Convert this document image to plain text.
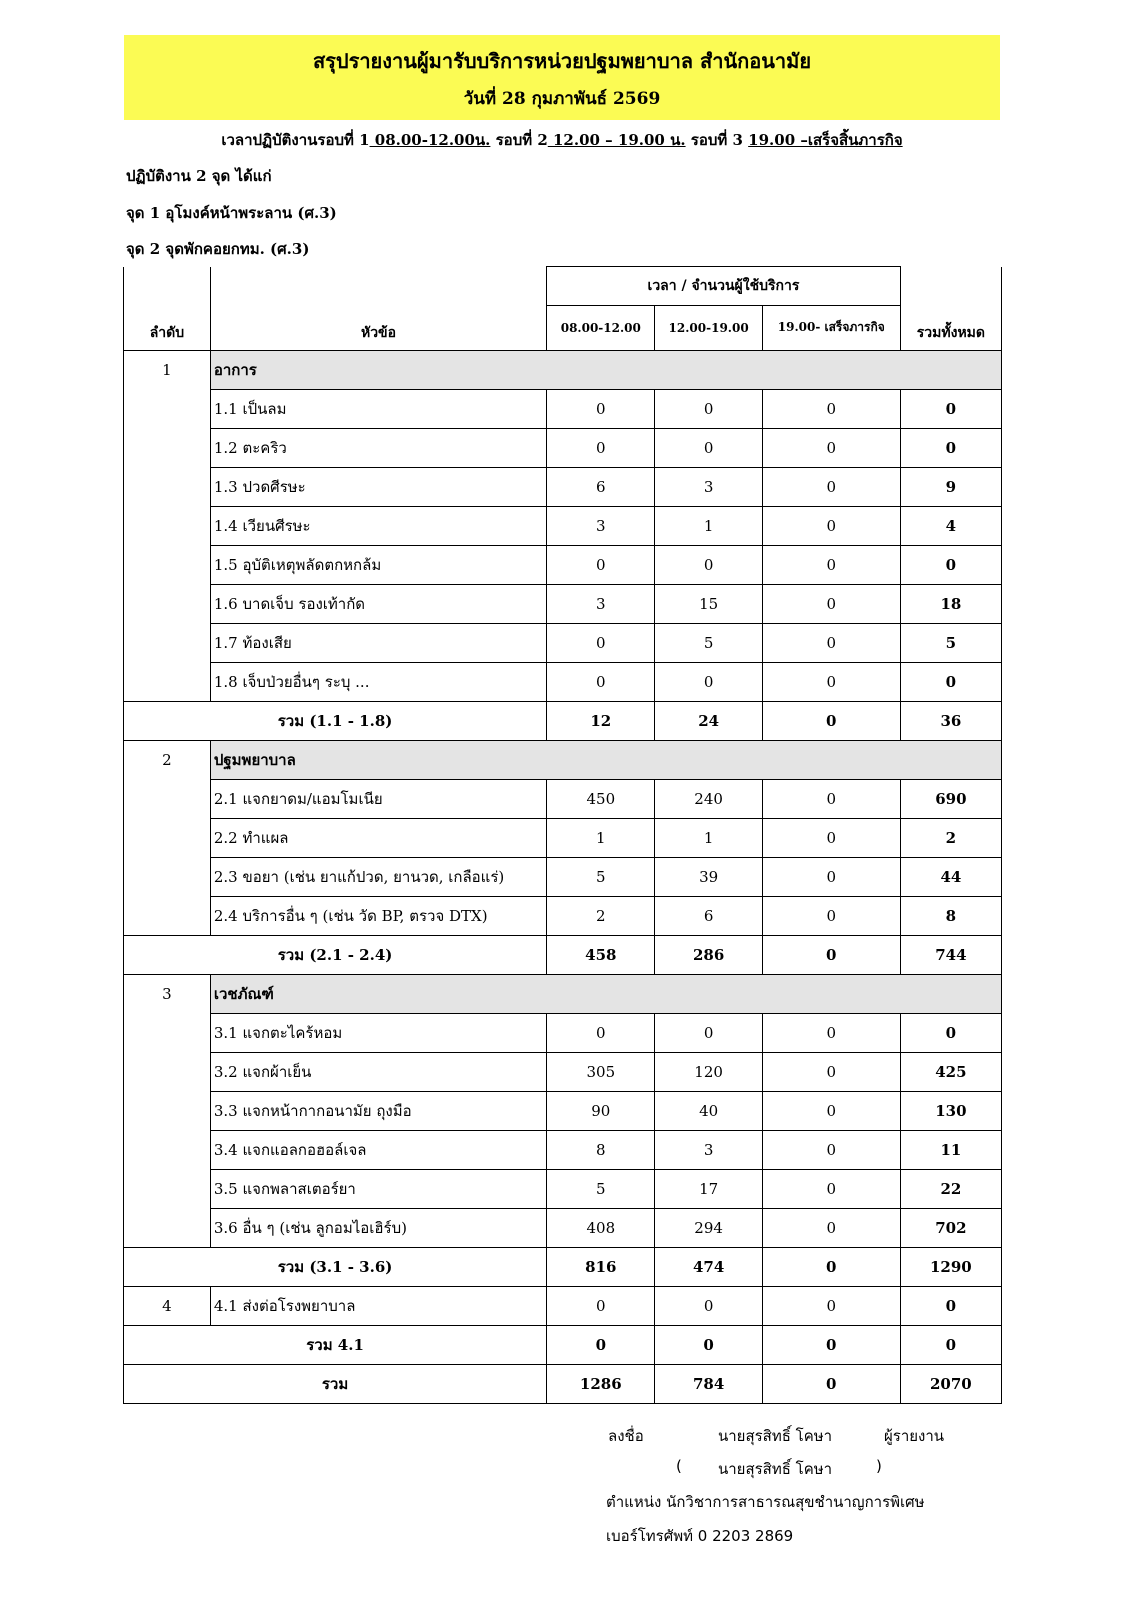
สรุปรายงานผู้มารับบริการหน่วยปฐมพยาบาล สำนักอนามัย
วันที่ 28 กุมภาพันธ์ 2569
เวลาปฏิบัติงานรอบที่ 1 08.00-12.00น. รอบที่ 2 12.00 – 19.00 น. รอบที่ 3 19.00 –เสร็จสิ้นภารกิจ
ปฏิบัติงาน 2 จุด ได้แก่
จุด 1 อุโมงค์หน้าพระลาน (ศ.3)
จุด 2 จุดพักคอยกทม. (ศ.3)
		เวลา / จำนวนผู้ใช้บริการ			
ลำดับ	หัวข้อ	08.00-12.00	12.00-19.00	19.00- เสร็จภารกิจ	รวมทั้งหมด
1	อาการ				
	1.1 เป็นลม	0	0	0	0
	1.2 ตะคริว	0	0	0	0
	1.3 ปวดศีรษะ	6	3	0	9
	1.4 เวียนศีรษะ	3	1	0	4
	1.5 อุบัติเหตุพลัดตกหกล้ม	0	0	0	0
	1.6 บาดเจ็บ รองเท้ากัด	3	15	0	18
	1.7 ท้องเสีย	0	5	0	5
	1.8 เจ็บป่วยอื่นๆ ระบุ ...	0	0	0	0
รวม (1.1 - 1.8)		12	24	0	36
2	ปฐมพยาบาล				
	2.1 แจกยาดม/แอมโมเนีย	450	240	0	690
	2.2 ทำแผล	1	1	0	2
	2.3 ขอยา (เช่น ยาแก้ปวด, ยานวด, เกลือแร่)	5	39	0	44
	2.4 บริการอื่น ๆ (เช่น วัด BP, ตรวจ DTX)	2	6	0	8
รวม (2.1 - 2.4)		458	286	0	744
3	เวชภัณฑ์				
	3.1 แจกตะไคร้หอม	0	0	0	0
	3.2 แจกผ้าเย็น	305	120	0	425
	3.3 แจกหน้ากากอนามัย ถุงมือ	90	40	0	130
	3.4 แจกแอลกอฮอล์เจล	8	3	0	11
	3.5 แจกพลาสเตอร์ยา	5	17	0	22
	3.6 อื่น ๆ (เช่น ลูกอมไอเฮิร์บ)	408	294	0	702
รวม (3.1 - 3.6)		816	474	0	1290
4	4.1 ส่งต่อโรงพยาบาล	0	0	0	0
รวม 4.1		0	0	0	0
รวม		1286	784	0	2070
ลงชื่อ	นายสุรสิทธิ์ โคษา	ผู้รายงาน
( นายสุรสิทธิ์ โคษา	)
ตำแหน่ง นักวิชาการสาธารณสุขชำนาญการพิเศษ
เบอร์โทรศัพท์ 0 2203 2869
